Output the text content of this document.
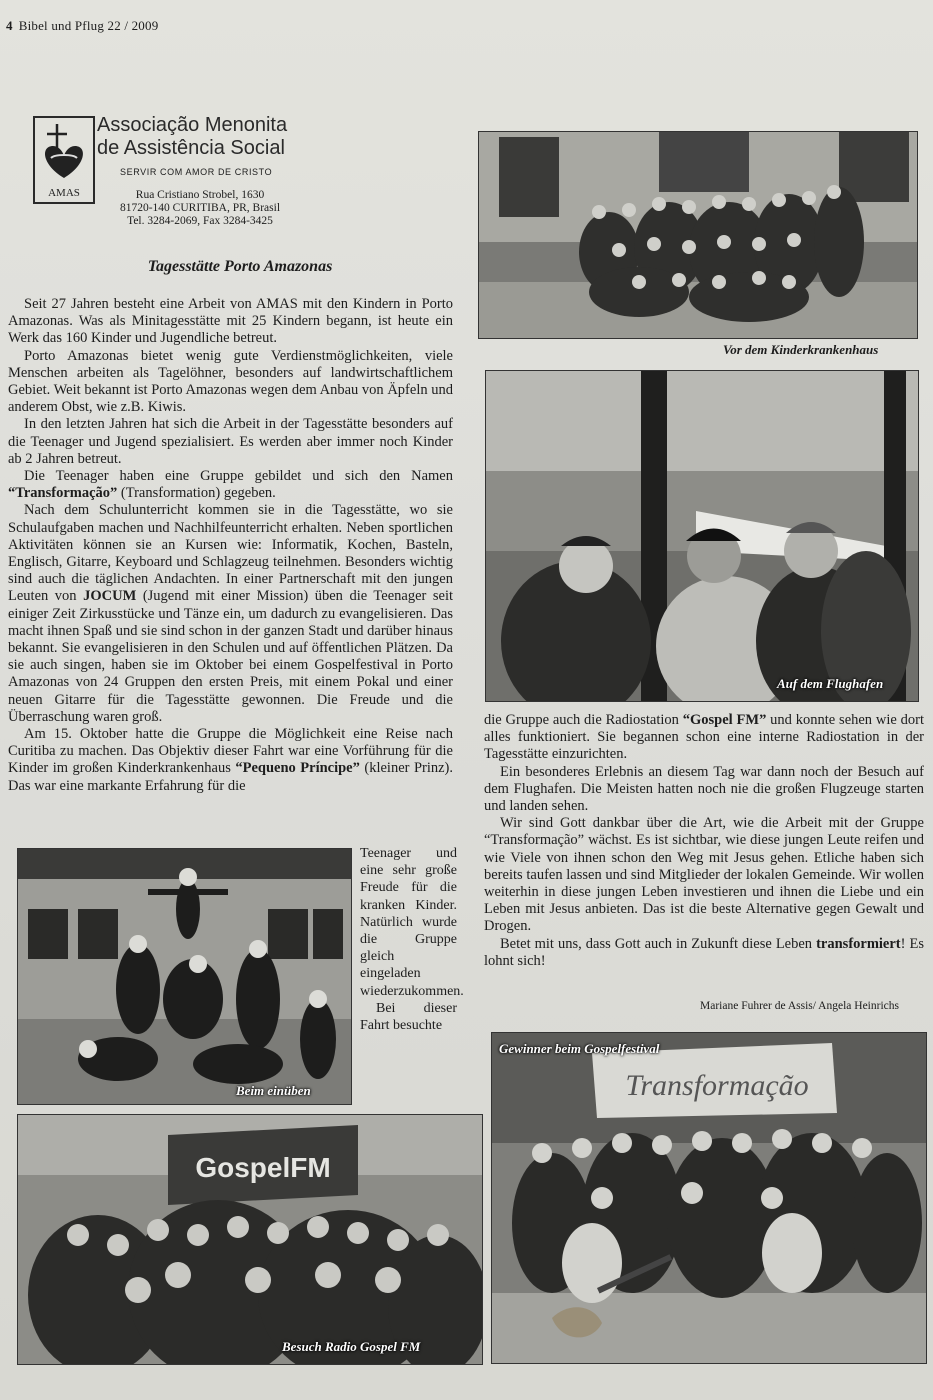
4 Bibel und Pflug 22 / 2009
AMAS
Associação Menonita
de Assistência Social
SERVIR COM AMOR DE CRISTO
Rua Cristiano Strobel, 1630
81720-140 CURITIBA, PR, Brasil
Tel. 3284-2069, Fax 3284-3425
Tagesstätte Porto Amazonas

Seit 27 Jahren besteht eine Arbeit von AMAS mit den Kindern in Porto Amazonas. Was als Minitagesstätte mit 25 Kindern begann, ist heute ein Werk das 160 Kinder und Jugendliche betreut.

Porto Amazonas bietet wenig gute Verdienstmöglichkeiten, viele Menschen arbeiten als Tagelöhner, besonders auf landwirtschaftlichem Gebiet. Weit bekannt ist Porto Amazonas wegen dem Anbau von Äpfeln und anderem Obst, wie z.B. Kiwis.

In den letzten Jahren hat sich die Arbeit in der Tagesstätte besonders auf die Teenager und Jugend spezialisiert. Es werden aber immer noch Kinder ab 2 Jahren betreut.

Die Teenager haben eine Gruppe gebildet und sich den Namen “Transformação” (Transformation) gegeben.

Nach dem Schulunterricht kommen sie in die Tagesstätte, wo sie Schulaufgaben machen und Nachhilfeunterricht erhalten. Neben sportlichen Aktivitäten können sie an Kursen wie: Informatik, Kochen, Basteln, Englisch, Gitarre, Keyboard und Schlagzeug teilnehmen. Besonders wichtig sind auch die täglichen Andachten. In einer Partnerschaft mit den jungen Leuten von JOCUM (Jugend mit einer Mission) üben die Teenager seit einiger Zeit Zirkusstücke und Tänze ein, um dadurch zu evangelisieren. Das macht ihnen Spaß und sie sind schon in der ganzen Stadt und darüber hinaus bekannt. Sie evangelisieren in den Schulen und auf öffentlichen Plätzen. Da sie auch singen, haben sie im Oktober bei einem Gospelfestival in Porto Amazonas von 24 Gruppen den ersten Preis, mit einem Pokal und einer neuen Gitarre für die Tagesstätte gewonnen. Die Freude und die Überraschung waren groß.

Am 15. Oktober hatte die Gruppe die Möglichkeit eine Reise nach Curitiba zu machen. Das Objektiv dieser Fahrt war eine Vorführung für die Kinder im großen Kinderkrankenhaus “Pequeno Príncipe” (kleiner Prinz). Das war eine markante Erfahrung für die

Teenager und eine sehr große Freude für die kranken Kinder. Natürlich wurde die Gruppe gleich eingeladen wiederzukommen.

Bei dieser Fahrt besuchte

die Gruppe auch die Radiostation “Gospel FM” und konnte sehen wie dort alles funktioniert. Sie begannen schon eine interne Radiostation in der Tagesstätte einzurichten.

Ein besonderes Erlebnis an diesem Tag war dann noch der Besuch auf dem Flughafen. Die Meisten hatten noch nie die großen Flugzeuge starten und landen sehen.

Wir sind Gott dankbar über die Art, wie die Arbeit mit der Gruppe “Transformação” wächst. Es ist sichtbar, wie diese jungen Leute reifen und wie Viele von ihnen schon den Weg mit Jesus gehen. Etliche haben sich bereits taufen lassen und sind Mitglieder der lokalen Gemeinde. Wir wollen weiterhin in diese jungen Leben investieren und ihnen die Liebe und ein Leben mit Jesus anbieten. Das ist die beste Alternative gegen Gewalt und Drogen.

Betet mit uns, dass Gott auch in Zukunft diese Leben transformiert! Es lohnt sich!

Mariane Fuhrer de Assis/ Angela Heinrichs
Vor dem Kinderkrankenhaus
Auf dem Flughafen
Beim einüben
GospelFM
Besuch Radio Gospel FM
Transformação
Gewinner beim Gospelfestival
